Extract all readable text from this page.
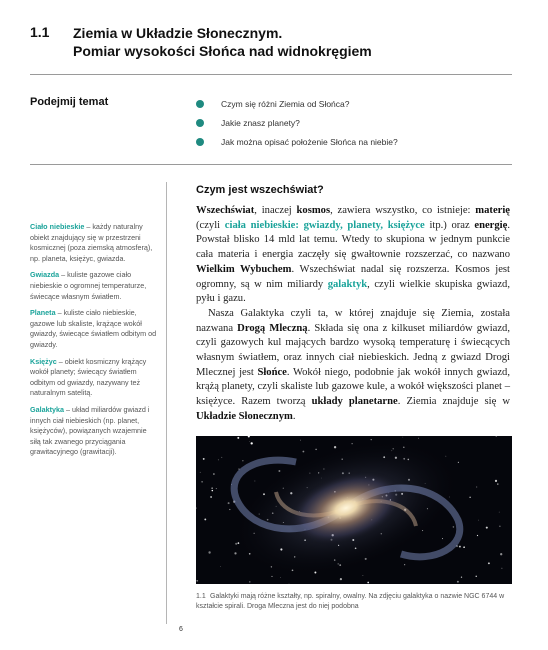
1.1 Ziemia w Układzie Słonecznym.
Pomiar wysokości Słońca nad widnokręgiem
Podejmij temat	Czym się różni Ziemia od Słońca?
Jakie znasz planety?
Jak można opisać położenie Słońca na niebie?
Ciało niebieskie – każdy naturalny obiekt znajdujący się w przestrzeni kosmicznej (poza ziemską atmosferą), np. planeta, księżyc, gwiazda.
Gwiazda – kuliste gazowe ciało niebieskie o ogromnej temperaturze, świecące własnym światłem.
Planeta – kuliste ciało niebieskie, gazowe lub skaliste, krążące wokół gwiazdy, świecące światłem odbitym od gwiazdy.
Księżyc – obiekt kosmiczny krążący wokół planety; świecący światłem odbitym od gwiazdy, nazywany też naturalnym satelitą.
Galaktyka – układ miliardów gwiazd i innych ciał niebieskich (np. planet, księżyców), powiązanych wzajemnie siłą tak zwanego przyciągania grawitacyjnego (grawitacji).
Czym jest wszechświat?

Wszechświat, inaczej kosmos, zawiera wszystko, co istnieje: materię (czyli ciała niebieskie: gwiazdy, planety, księżyce itp.) oraz energię. Powstał blisko 14 mld lat temu. Wtedy to skupiona w jednym punkcie cała materia i energia zaczęły się gwałtownie rozszerzać, co nazwano Wielkim Wybuchem. Wszechświat nadal się rozszerza. Kosmos jest ogromny, są w nim miliardy galaktyk, czyli wielkie skupiska gwiazd, pyłu i gazu.

Nasza Galaktyka czyli ta, w której znajduje się Ziemia, została nazwana Drogą Mleczną. Składa się ona z kilkuset miliardów gwiazd, czyli gazowych kul mających bardzo wysoką temperaturę i świecących własnym światłem, oraz innych ciał niebieskich. Jedną z gwiazd Drogi Mlecznej jest Słońce. Wokół niego, podobnie jak wokół innych gwiazd, krążą planety, czyli skaliste lub gazowe kule, a wokół większości planet – księżyce. Razem tworzą układy planetarne. Ziemia znajduje się w Układzie Słonecznym.

1.1 Galaktyki mają różne kształty, np. spiralny, owalny. Na zdjęciu galaktyka o nazwie NGC 6744 w kształcie spirali. Droga Mleczna jest do niej podobna
6
